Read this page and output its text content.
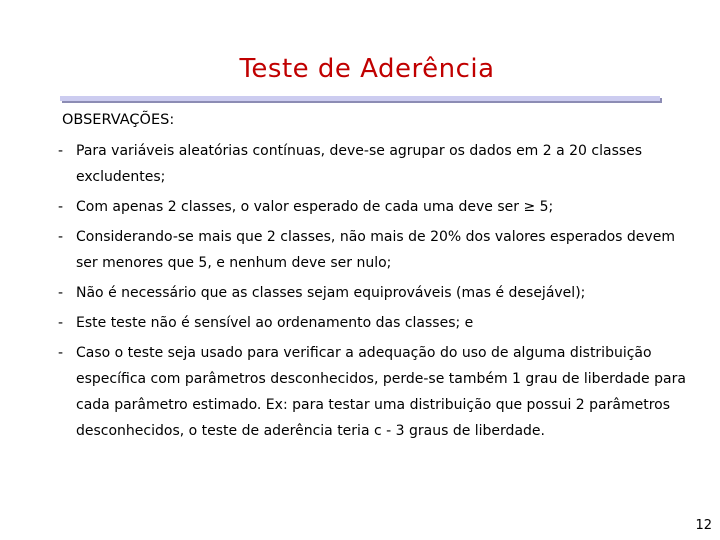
Teste de Aderência
OBSERVAÇÕES:
- Para variáveis aleatórias contínuas, deve-se agrupar os dados em 2 a 20 classes excludentes;
- Com apenas 2 classes, o valor esperado de cada uma deve ser ≥ 5;
- Considerando-se mais que 2 classes, não mais de 20% dos valores esperados devem ser menores que 5, e nenhum deve ser nulo;
- Não é necessário que as classes sejam equiprováveis (mas é desejável);
- Este teste não é sensível ao ordenamento das classes; e
- Caso o teste seja usado para verificar a adequação do uso de alguma distribuição específica com parâmetros desconhecidos, perde-se também 1 grau de liberdade para cada parâmetro estimado. Ex: para testar uma distribuição que possui 2 parâmetros desconhecidos, o teste de aderência teria c - 3 graus de liberdade.
12
